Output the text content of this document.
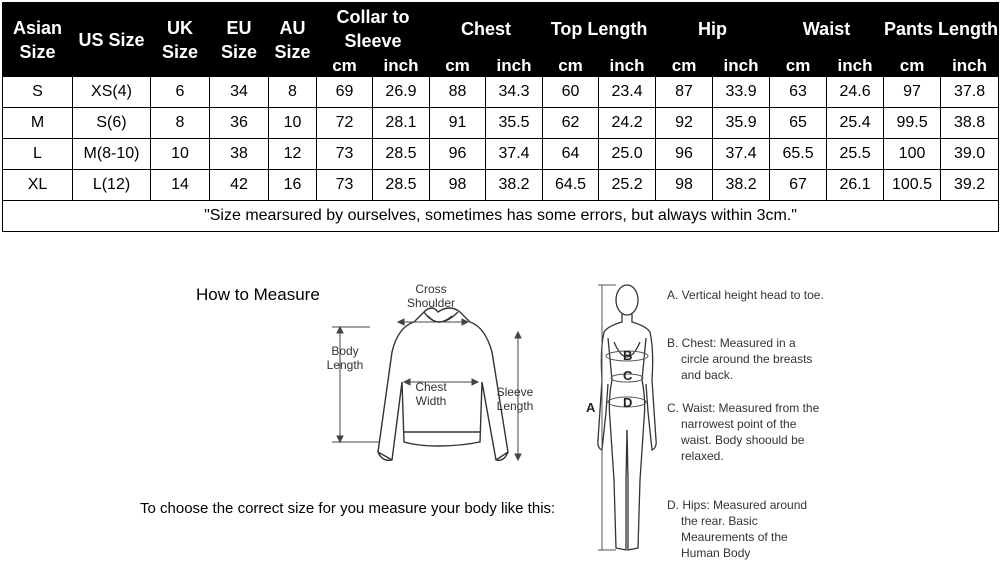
Asian Size	US Size	UK Size	EU Size	AU Size	Collar to Sleeve		Chest		Top Length		Hip		Waist		Pants Length	
					cm	inch	cm	inch	cm	inch	cm	inch	cm	inch	cm	inch
S	XS(4)	6	34	8	69	26.9	88	34.3	60	23.4	87	33.9	63	24.6	97	37.8
M	S(6)	8	36	10	72	28.1	91	35.5	62	24.2	92	35.9	65	25.4	99.5	38.8
L	M(8-10)	10	38	12	73	28.5	96	37.4	64	25.0	96	37.4	65.5	25.5	100	39.0
XL	L(12)	14	42	16	73	28.5	98	38.2	64.5	25.2	98	38.2	67	26.1	100.5	39.2
"Size mearsured by ourselves, sometimes has some errors, but always within 3cm."																
How to Measure	Cross Shoulder
Body Length
Chest Width
Sleeve Length
To choose the correct size for you measure your body like this:
A
B
C
D
A. Vertical height head to toe.
B. Chest: Measured in a circle around the breasts and back.
C. Waist: Measured from the narrowest point of the waist. Body shoould be relaxed.
D. Hips: Measured around the rear. Basic Meaurements of the Human Body
